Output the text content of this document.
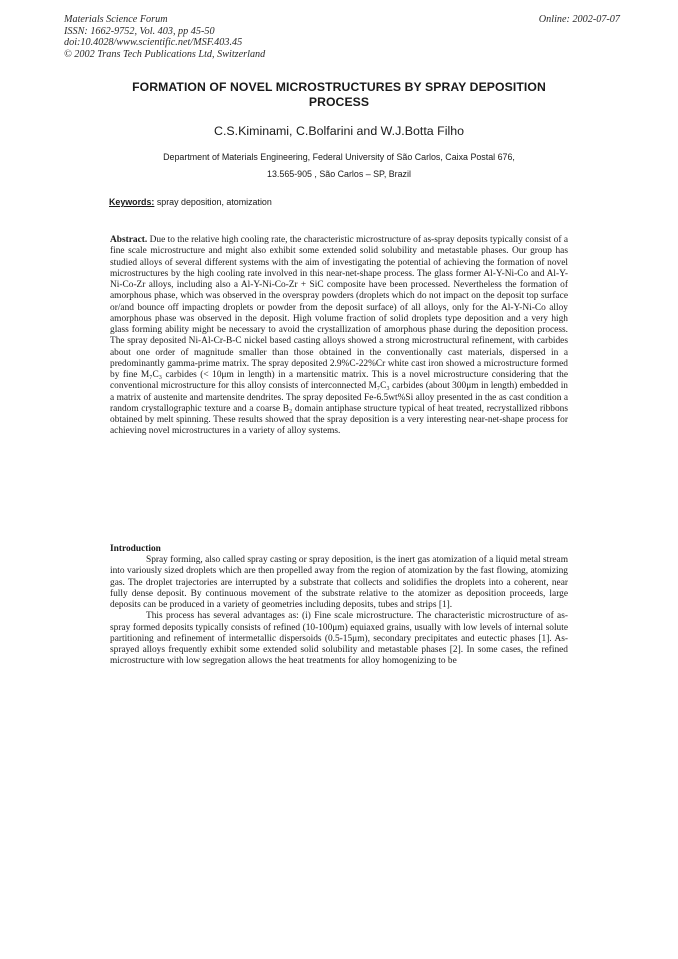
Materials Science Forum
ISSN: 1662-9752, Vol. 403, pp 45-50
doi:10.4028/www.scientific.net/MSF.403.45
© 2002 Trans Tech Publications Ltd, Switzerland
Online: 2002-07-07
FORMATION OF NOVEL MICROSTRUCTURES BY SPRAY DEPOSITION
PROCESS
C.S.Kiminami, C.Bolfarini and W.J.Botta Filho
Department of Materials Engineering, Federal University of São Carlos, Caixa Postal 676,
13.565-905 , São Carlos – SP, Brazil
Keywords: spray deposition, atomization
Abstract. Due to the relative high cooling rate, the characteristic microstructure of as-spray deposits typically consist of a fine scale microstructure and might also exhibit some extended solid solubility and metastable phases. Our group has studied alloys of several different systems with the aim of investigating the potential of achieving the formation of novel microstructures by the high cooling rate involved in this near-net-shape process. The glass former Al-Y-Ni-Co and Al-Y-Ni-Co-Zr alloys, including also a Al-Y-Ni-Co-Zr + SiC composite have been processed. Nevertheless the formation of amorphous phase, which was observed in the overspray powders (droplets which do not impact on the deposit top surface or/and bounce off impacting droplets or powder from the deposit surface) of all alloys, only for the Al-Y-Ni-Co alloy amorphous phase was observed in the deposit. High volume fraction of solid droplets type deposition and a very high glass forming ability might be necessary to avoid the crystallization of amorphous phase during the deposition process. The spray deposited Ni-Al-Cr-B-C nickel based casting alloys showed a strong microstructural refinement, with carbides about one order of magnitude smaller than those obtained in the conventionally cast materials, dispersed in a predominantly gamma-prime matrix. The spray deposited 2.9%C-22%Cr white cast iron showed a microstructure formed by fine M₇C₃ carbides (< 10μm in length) in a martensitic matrix. This is a novel microstructure considering that the conventional microstructure for this alloy consists of interconnected M₇C₃ carbides (about 300μm in length) embedded in a matrix of austenite and martensite dendrites. The spray deposited Fe-6.5wt%Si alloy presented in the as cast condition a random crystallographic texture and a coarse B₂ domain antiphase structure typical of heat treated, recrystallized ribbons obtained by melt spinning. These results showed that the spray deposition is a very interesting near-net-shape process for achieving novel microstructures in a variety of alloy systems.
Introduction

Spray forming, also called spray casting or spray deposition, is the inert gas atomization of a liquid metal stream into variously sized droplets which are then propelled away from the region of atomization by the fast flowing, atomizing gas. The droplet trajectories are interrupted by a substrate that collects and solidifies the droplets into a coherent, near fully dense deposit. By continuous movement of the substrate relative to the atomizer as deposition proceeds, large deposits can be produced in a variety of geometries including deposits, tubes and strips [1].

This process has several advantages as: (i) Fine scale microstructure. The characteristic microstructure of as-spray formed deposits typically consists of refined (10-100μm) equiaxed grains, usually with low levels of internal solute partitioning and refinement of intermetallic dispersoids (0.5-15μm), secondary precipitates and eutectic phases [1]. As-sprayed alloys frequently exhibit some extended solid solubility and metastable phases [2]. In some cases, the refined microstructure with low segregation allows the heat treatments for alloy homogenizing to be
